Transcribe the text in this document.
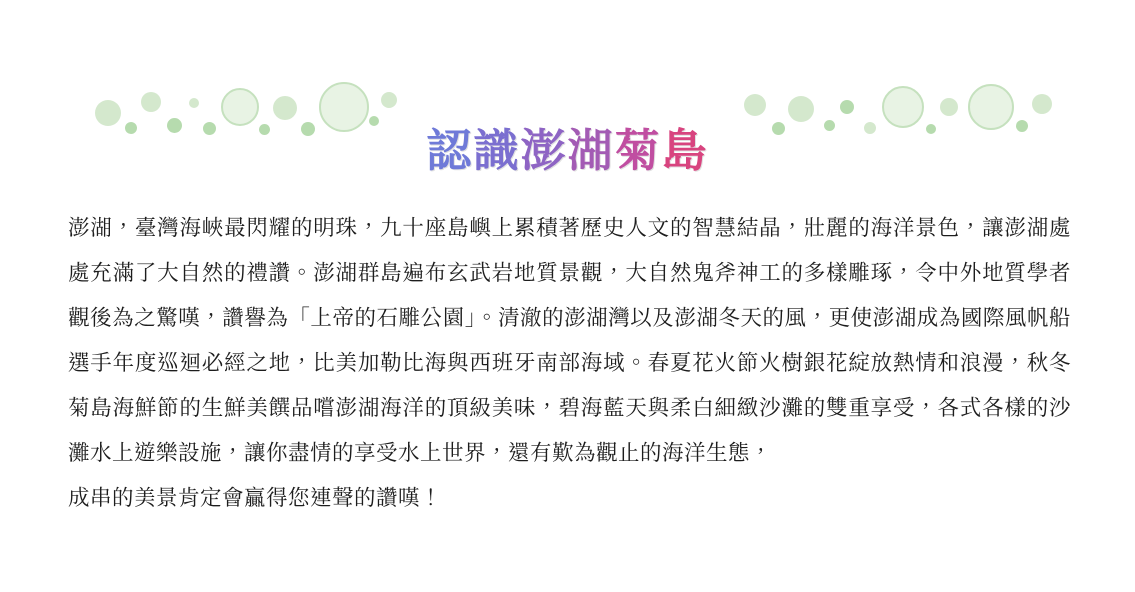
認識澎湖菊島

澎湖，臺灣海峽最閃耀的明珠，九十座島嶼上累積著歷史人文的智慧結晶，壯麗的海洋景色，讓澎湖處處充滿了大自然的禮讚。澎湖群島遍布玄武岩地質景觀，大自然鬼斧神工的多樣雕琢，令中外地質學者觀後為之驚嘆，讚譽為「上帝的石雕公園」。清澈的澎湖灣以及澎湖冬天的風，更使澎湖成為國際風帆船選手年度巡迴必經之地，比美加勒比海與西班牙南部海域。春夏花火節火樹銀花綻放熱情和浪漫，秋冬菊島海鮮節的生鮮美饌品嚐澎湖海洋的頂級美味，碧海藍天與柔白細緻沙灘的雙重享受，各式各樣的沙灘水上遊樂設施，讓你盡情的享受水上世界，還有歎為觀止的海洋生態，
成串的美景肯定會贏得您連聲的讚嘆！
